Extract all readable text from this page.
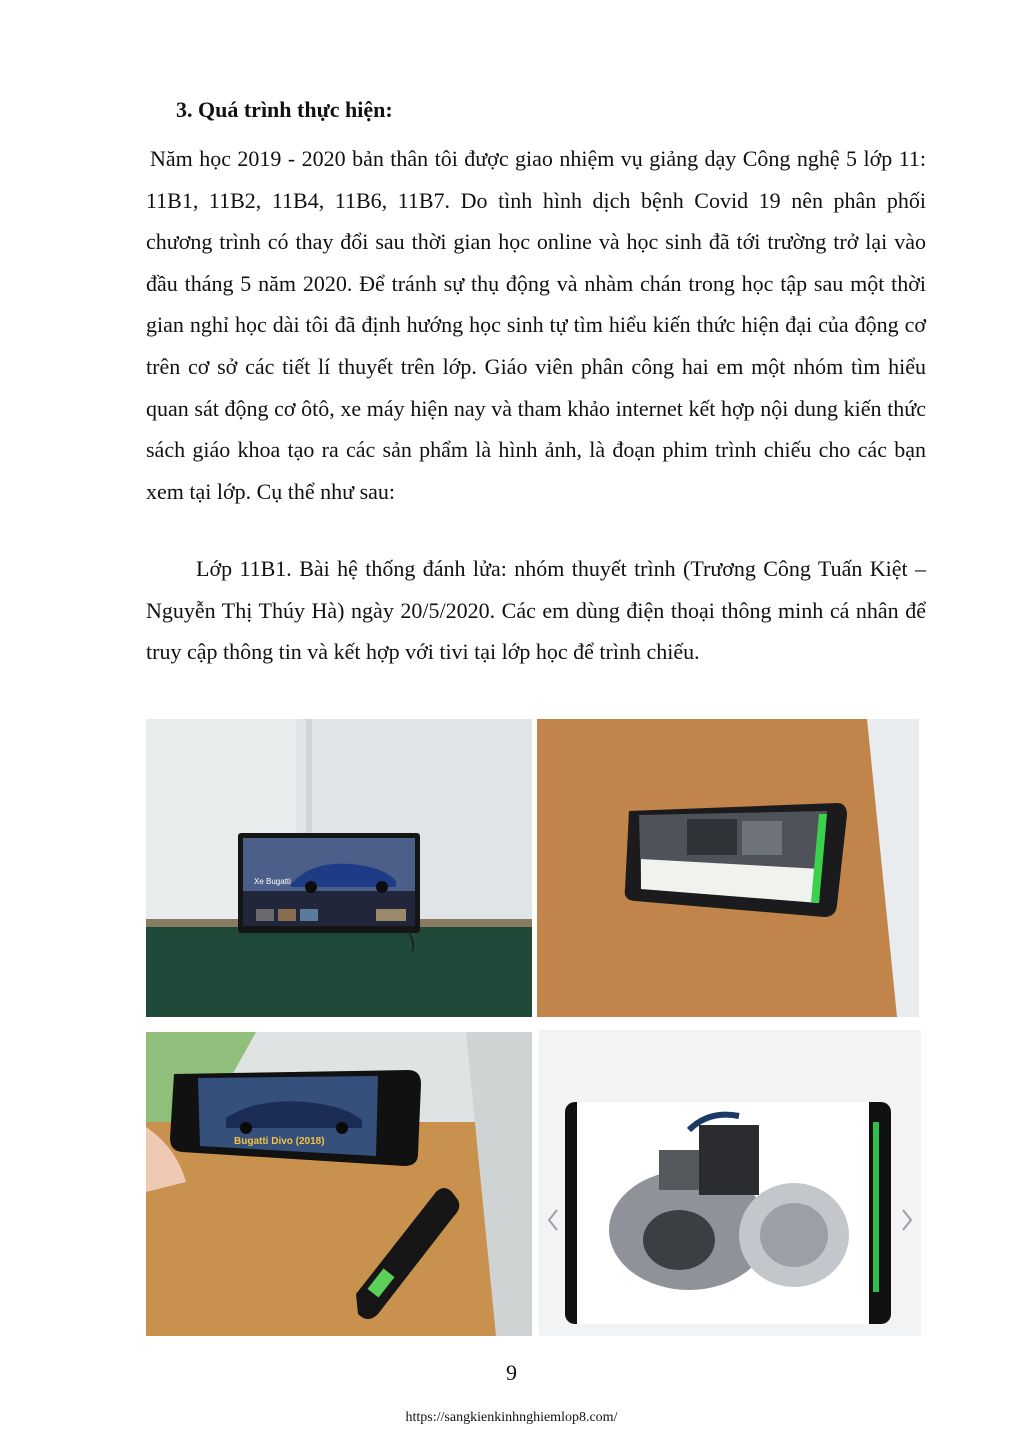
3. Quá trình thực hiện:

Năm học 2019 - 2020 bản thân tôi được giao nhiệm vụ giảng dạy Công nghệ 5 lớp 11: 11B1, 11B2, 11B4, 11B6, 11B7. Do tình hình dịch bệnh Covid 19 nên phân phối chương trình có thay đổi sau thời gian học online và học sinh đã tới trường trở lại vào đầu tháng 5 năm 2020. Để tránh sự thụ động và nhàm chán trong học tập sau một thời gian nghỉ học dài tôi đã định hướng học sinh tự tìm hiểu kiến thức hiện đại của động cơ trên cơ sở các tiết lí thuyết trên lớp. Giáo viên phân công hai em một nhóm tìm hiểu quan sát động cơ ôtô, xe máy hiện nay và tham khảo internet kết hợp nội dung kiến thức sách giáo khoa tạo ra các sản phẩm là hình ảnh, là đoạn phim trình chiếu cho các bạn xem tại lớp. Cụ thể như sau:

Lớp 11B1. Bài hệ thống đánh lửa: nhóm thuyết trình (Trương Công Tuấn Kiệt – Nguyễn Thị Thúy Hà) ngày 20/5/2020. Các em dùng điện thoại thông minh cá nhân để truy cập thông tin và kết hợp với tivi tại lớp học để trình chiếu.

Xe Bugatti
Bugatti Divo (2018)
9
https://sangkienkinhnghiemlop8.com/
